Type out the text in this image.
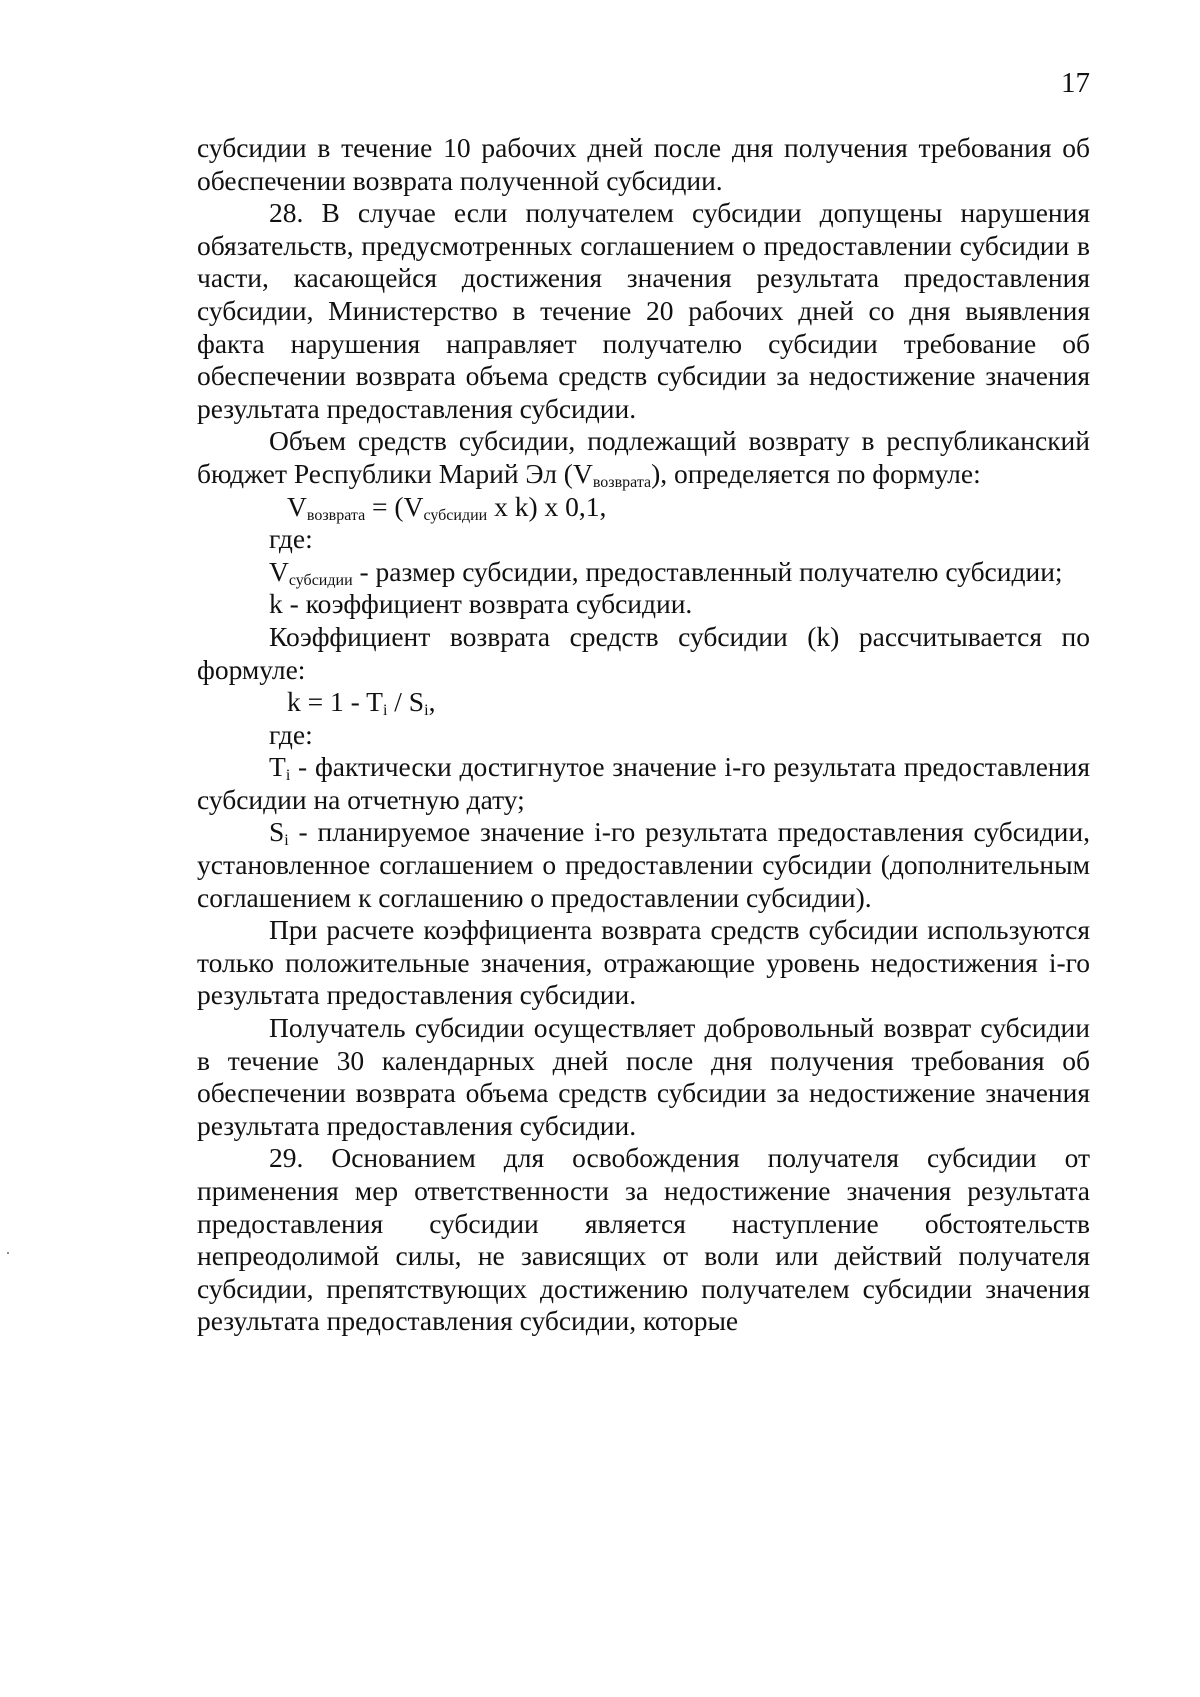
17

субсидии в течение 10 рабочих дней после дня получения требования об обеспечении возврата полученной субсидии.

28. В случае если получателем субсидии допущены нарушения обязательств, предусмотренных соглашением о предоставлении субсидии в части, касающейся достижения значения результата предоставления субсидии, Министерство в течение 20 рабочих дней со дня выявления факта нарушения направляет получателю субсидии требование об обеспечении возврата объема средств субсидии за недостижение значения результата предоставления субсидии.

Объем средств субсидии, подлежащий возврату в республиканский бюджет Республики Марий Эл $(V_{возврата})$, определяется по формуле:

$V_{возврата} = (V_{субсидии}$ x k) x 0,1,

где:

$V_{субсидии}$ - размер субсидии, предоставленный получателю субсидии;

k - коэффициент возврата субсидии.

Коэффициент возврата средств субсидии (k) рассчитывается по формуле:

$k = 1 - T_i / S_i$,

где:

$T_i$ - фактически достигнутое значение i-го результата предоставления субсидии на отчетную дату;

$S_i$ - планируемое значение i-го результата предоставления субсидии, установленное соглашением о предоставлении субсидии (дополнительным соглашением к соглашению о предоставлении субсидии).

При расчете коэффициента возврата средств субсидии используются только положительные значения, отражающие уровень недостижения i-го результата предоставления субсидии.

Получатель субсидии осуществляет добровольный возврат субсидии в течение 30 календарных дней после дня получения требования об обеспечении возврата объема средств субсидии за недостижение значения результата предоставления субсидии.

29. Основанием для освобождения получателя субсидии от применения мер ответственности за недостижение значения результата предоставления субсидии является наступление обстоятельств непреодолимой силы, не зависящих от воли или действий получателя субсидии, препятствующих достижению получателем субсидии значения результата предоставления субсидии, которые
